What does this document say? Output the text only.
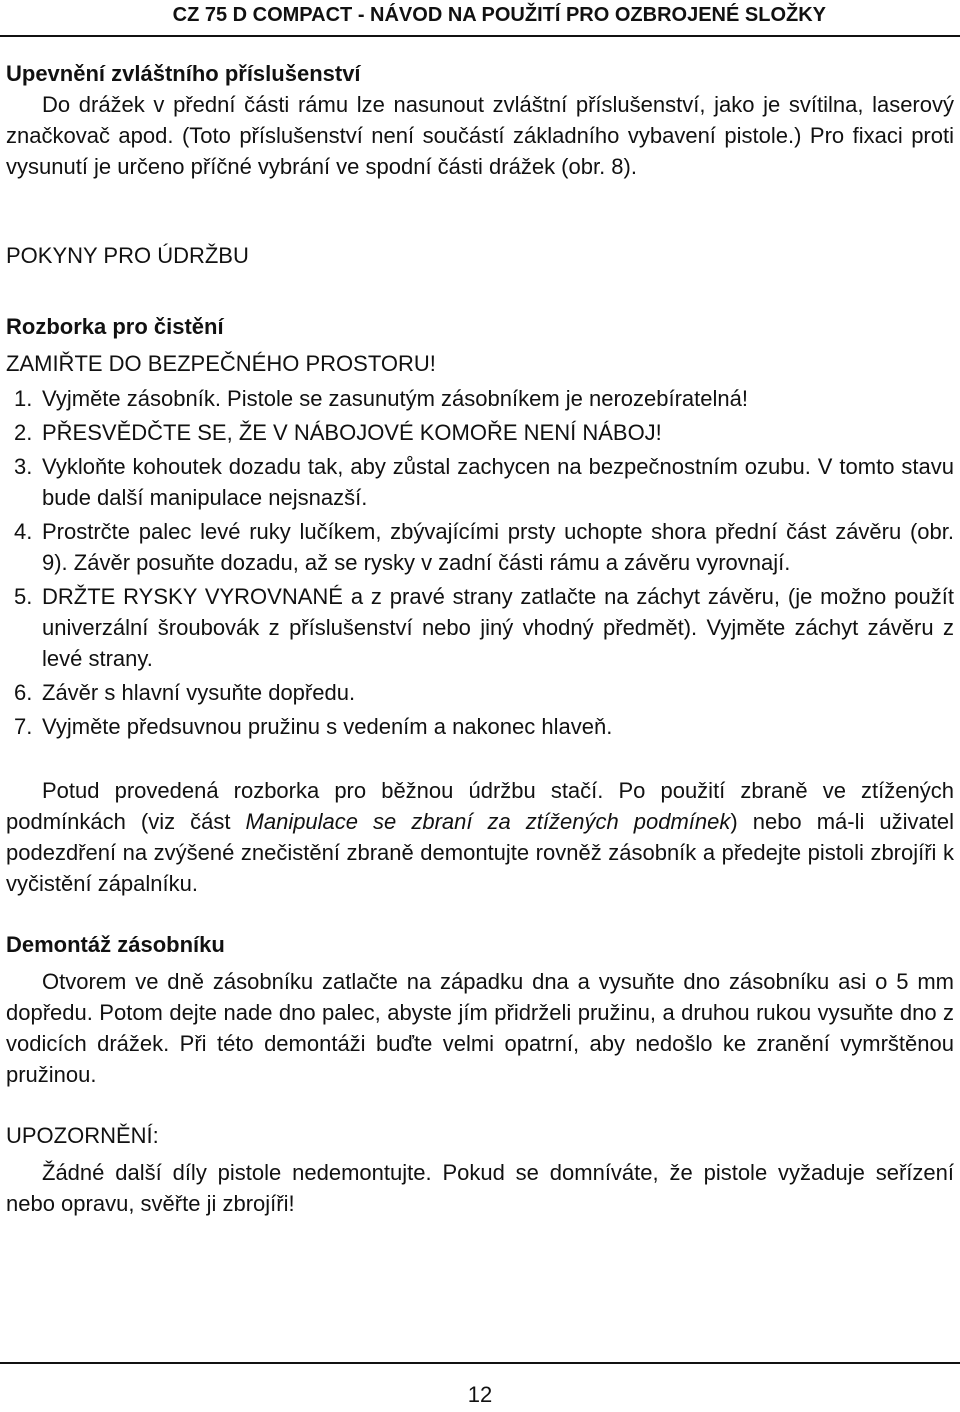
CZ 75 D COMPACT - NÁVOD NA POUŽITÍ PRO OZBROJENÉ SLOŽKY

Upevnění zvláštního příslušenství

Do drážek v přední části rámu lze nasunout zvláštní příslušenství, jako je svítilna, laserový značkovač apod. (Toto příslušenství není součástí základního vybavení pistole.) Pro fixaci proti vysunutí je určeno příčné vybrání ve spodní části drážek (obr. 8).

POKYNY PRO ÚDRŽBU

Rozborka pro čistění

ZAMIŘTE DO BEZPEČNÉHO PROSTORU!

1. Vyjměte zásobník. Pistole se zasunutým zásobníkem je nerozebíratelná!
2. PŘESVĚDČTE SE, ŽE V NÁBOJOVÉ KOMOŘE NENÍ NÁBOJ!
3. Vykloňte kohoutek dozadu tak, aby zůstal zachycen na bezpečnostním ozubu. V tomto stavu bude další manipulace nejsnazší.
4. Prostrčte palec levé ruky lučíkem, zbývajícími prsty uchopte shora přední část závěru (obr. 9). Závěr posuňte dozadu, až se rysky v zadní části rámu a závěru vyrovnají.
5. DRŽTE RYSKY VYROVNANÉ a z pravé strany zatlačte na záchyt závěru, (je možno použít univerzální šroubovák z příslušenství nebo jiný vhodný předmět). Vyjměte záchyt závěru z levé strany.
6. Závěr s hlavní vysuňte dopředu.
7. Vyjměte předsuvnou pružinu s vedením a nakonec hlaveň.

Potud provedená rozborka pro běžnou údržbu stačí. Po použití zbraně ve ztížených podmínkách (viz část Manipulace se zbraní za ztížených podmínek) nebo má-li uživatel podezdření na zvýšené znečistění zbraně demontujte rovněž zásobník a předejte pistoli zbrojíři k vyčistění zápalníku.

Demontáž zásobníku

Otvorem ve dně zásobníku zatlačte na západku dna a vysuňte dno zásobníku asi o 5 mm dopředu. Potom dejte nade dno palec, abyste jím přidrželi pružinu, a druhou rukou vysuňte dno z vodicích drážek. Při této demontáži buďte velmi opatrní, aby nedošlo ke zranění vymrštěnou pružinou.

UPOZORNĚNÍ:

Žádné další díly pistole nedemontujte. Pokud se domníváte, že pistole vyžaduje seřízení nebo opravu, svěřte ji zbrojíři!

12
